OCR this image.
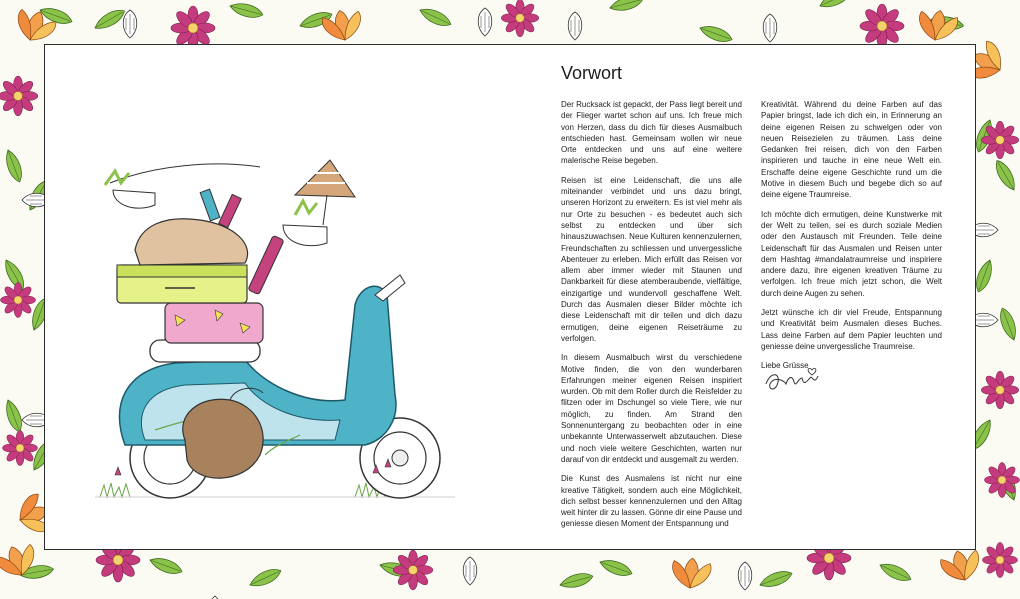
Vorwort

Der Rucksack ist gepackt, der Pass liegt bereit und der Flieger wartet schon auf uns. Ich freue mich von Herzen, dass du dich für dieses Ausmalbuch entschieden hast. Gemeinsam wollen wir neue Orte entdecken und uns auf eine weitere malerische Reise begeben.

Reisen ist eine Leidenschaft, die uns alle miteinander verbindet und uns dazu bringt, unseren Horizont zu erweitern. Es ist viel mehr als nur Orte zu besuchen - es bedeutet auch sich selbst zu entdecken und über sich hinauszuwachsen. Neue Kulturen kennenzulernen, Freundschaften zu schliessen und unvergessliche Abenteuer zu erleben. Mich erfüllt das Reisen vor allem aber immer wieder mit Staunen und Dankbarkeit für diese atemberaubende, vielfältige, einzigartige und wundervoll geschaffene Welt. Durch das Ausmalen dieser Bilder möchte ich diese Leidenschaft mit dir teilen und dich dazu ermutigen, deine eigenen Reiseträume zu verfolgen.

In diesem Ausmalbuch wirst du verschiedene Motive finden, die von den wunderbaren Erfahrungen meiner eigenen Reisen inspiriert wurden. Ob mit dem Roller durch die Reisfelder zu flitzen oder im Dschungel so viele Tiere, wie nur möglich, zu finden. Am Strand den Sonnenuntergang zu beobachten oder in eine unbekannte Unterwasserwelt abzutauchen. Diese und noch viele weitere Geschichten, warten nur darauf von dir entdeckt und ausgemalt zu werden.

Die Kunst des Ausmalens ist nicht nur eine kreative Tätigkeit, sondern auch eine Möglichkeit, dich selbst besser kennenzulernen und den Alltag weit hinter dir zu lassen. Gönne dir eine Pause und geniesse diesen Moment der Entspannung und

Kreativität. Während du deine Farben auf das Papier bringst, lade ich dich ein, in Erinnerung an deine eigenen Reisen zu schwelgen oder von neuen Reisezielen zu träumen. Lass deine Gedanken frei reisen, dich von den Farben inspirieren und tauche in eine neue Welt ein. Erschaffe deine eigene Geschichte rund um die Motive in diesem Buch und begebe dich so auf deine eigene Traumreise.

Ich möchte dich ermutigen, deine Kunstwerke mit der Welt zu teilen, sei es durch soziale Medien oder den Austausch mit Freunden. Teile deine Leidenschaft für das Ausmalen und Reisen unter dem Hashtag #mandalatraumreise und inspiriere andere dazu, ihre eigenen kreativen Träume zu verfolgen. Ich freue mich jetzt schon, die Welt durch deine Augen zu sehen.

Jetzt wünsche ich dir viel Freude, Entspannung und Kreativität beim Ausmalen dieses Buches. Lass deine Farben auf dem Papier leuchten und geniesse deine unvergessliche Traumreise.

Liebe Grüsse
